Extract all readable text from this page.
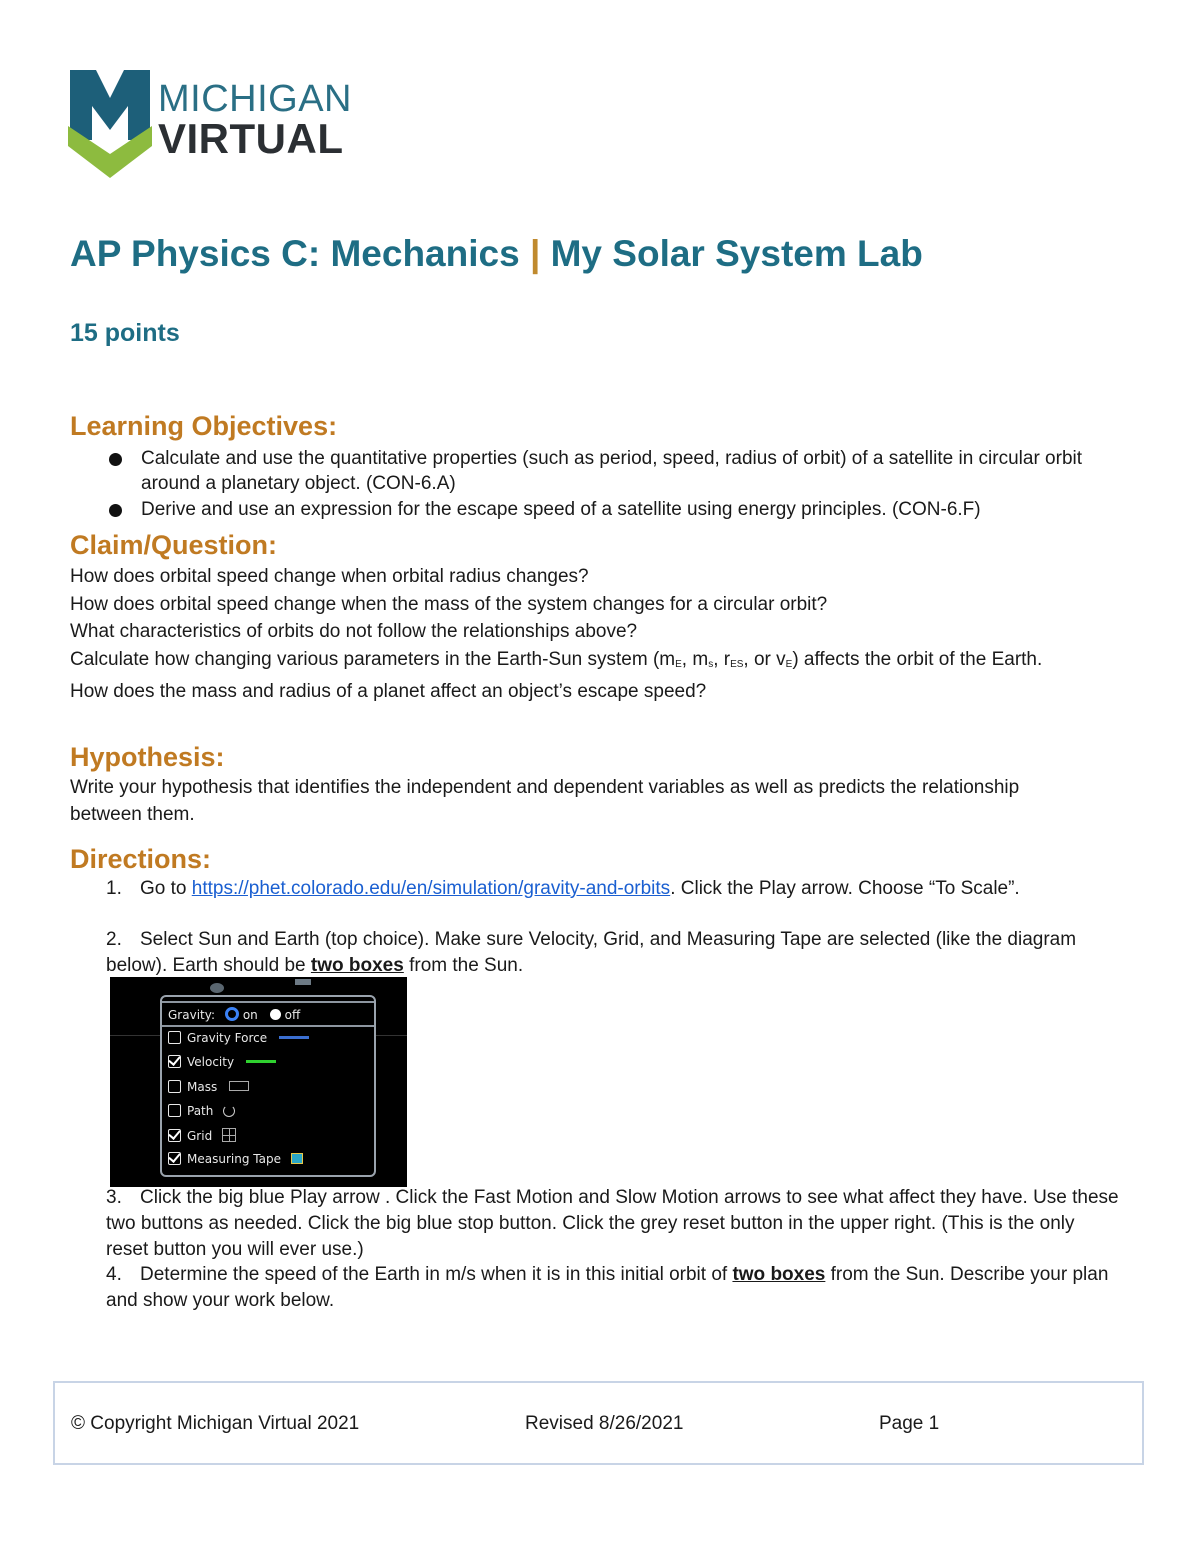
MICHIGAN
VIRTUAL
AP Physics C: Mechanics | My Solar System Lab
15 points
Learning Objectives:
Calculate and use the quantitative properties (such as period, speed, radius of orbit) of a satellite in circular orbit around a planetary object. (CON-6.A)
Derive and use an expression for the escape speed of a satellite using energy principles. (CON-6.F)
Claim/Question:
How does orbital speed change when orbital radius changes?
How does orbital speed change when the mass of the system changes for a circular orbit?
What characteristics of orbits do not follow the relationships above?
Calculate how changing various parameters in the Earth-Sun system ($m_E$, $m_s$, $r_{ES}$, or $v_E$) affects the orbit of the Earth.
How does the mass and radius of a planet affect an object’s escape speed?
Hypothesis:
Write your hypothesis that identifies the independent and dependent variables as well as predicts the relationship between them.
Directions:
1. Go to https://phet.colorado.edu/en/simulation/gravity-and-orbits. Click the Play arrow. Choose “To Scale”.
2. Select Sun and Earth (top choice). Make sure Velocity, Grid, and Measuring Tape are selected (like the diagram below). Earth should be two boxes from the Sun.
Gravity: on off
Gravity Force
Velocity
Mass
Path
Grid
Measuring Tape
3. Click the big blue Play arrow . Click the Fast Motion and Slow Motion arrows to see what affect they have. Use these two buttons as needed. Click the big blue stop button. Click the grey reset button in the upper right. (This is the only reset button you will ever use.)
4. Determine the speed of the Earth in m/s when it is in this initial orbit of two boxes from the Sun. Describe your plan and show your work below.
© Copyright Michigan Virtual 2021	Revised 8/26/2021	Page 1
